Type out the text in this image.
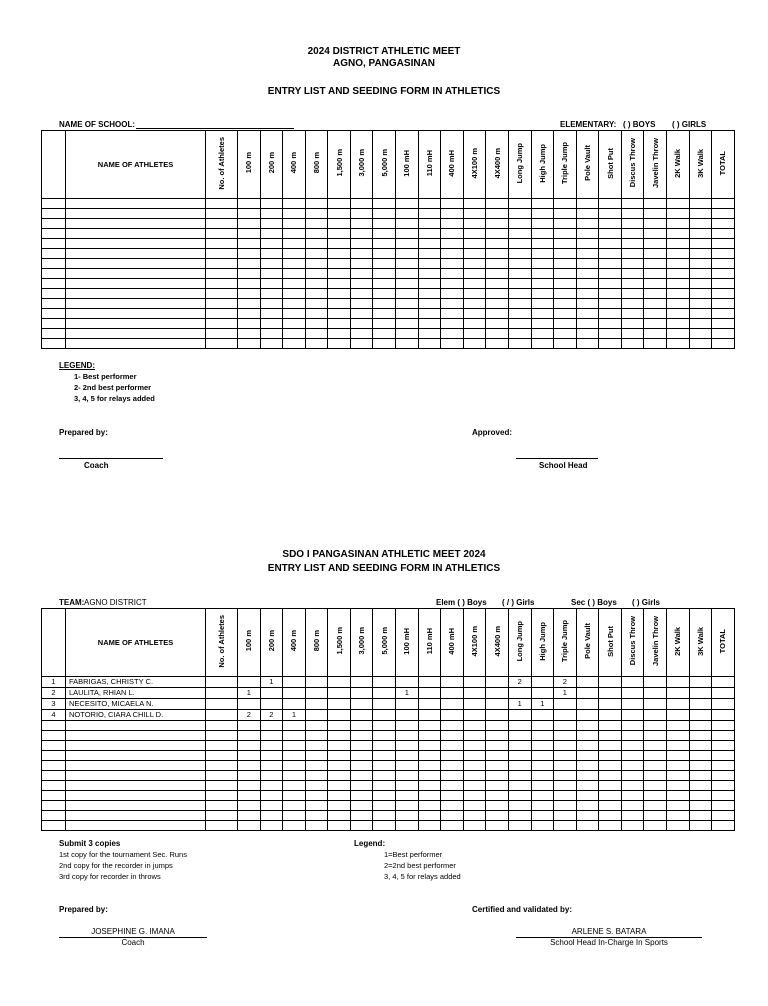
2024 DISTRICT ATHLETIC MEET
AGNO, PANGASINAN
ENTRY LIST AND SEEDING FORM IN ATHLETICS
NAME OF SCHOOL:	ELEMENTARY: ( ) BOYS ( ) GIRLS
	NAME OF ATHLETES	No. of Athletes	100 m	200 m	400 m	800 m	1,500 m	3,000 m	5,000 m	100 mH	110 mH	400 mH	4X100 m	4X400 m	Long Jump	High Jump	Triple Jump	Pole Vault	Shot Put	Discus Throw	Javelin Throw	2K Walk	3K Walk	TOTAL

LEGEND:
1- Best performer
2- 2nd best performer
3, 4, 5 for relays added
Prepared by:	Approved:
Coach	School Head
SDO I PANGASINAN ATHLETIC MEET 2024
ENTRY LIST AND SEEDING FORM IN ATHLETICS
TEAM: AGNO DISTRICT	Elem ( ) Boys ( / ) Girls	Sec ( ) Boys ( ) Girls
	NAME OF ATHLETES	No. of Athletes	100 m	200 m	400 m	800 m	1,500 m	3,000 m	5,000 m	100 mH	110 mH	400 mH	4X100 m	4X400 m	Long Jump	High Jump	Triple Jump	Pole Vault	Shot Put	Discus Throw	Javelin Throw	2K Walk	3K Walk	TOTAL
1	FABRIGAS, CHRISTY C.			1											2		2							
2	LAULITA, RHIAN L.		1							1							1							
3	NECESITO, MICAELA N.														1	1								
4	NOTORIO, CIARA CHILL D.		2	2	1																			

Submit 3 copies
1st copy for the tournament Sec. Runs
2nd copy for the recorder in jumps
3rd copy for recorder in throws
Legend:
1=Best performer
2=2nd best performer
3, 4, 5 for relays added
Prepared by:	Certified and validated by:
JOSEPHINE G. IMANA
Coach
ARLENE S. BATARA
School Head In-Charge In Sports
